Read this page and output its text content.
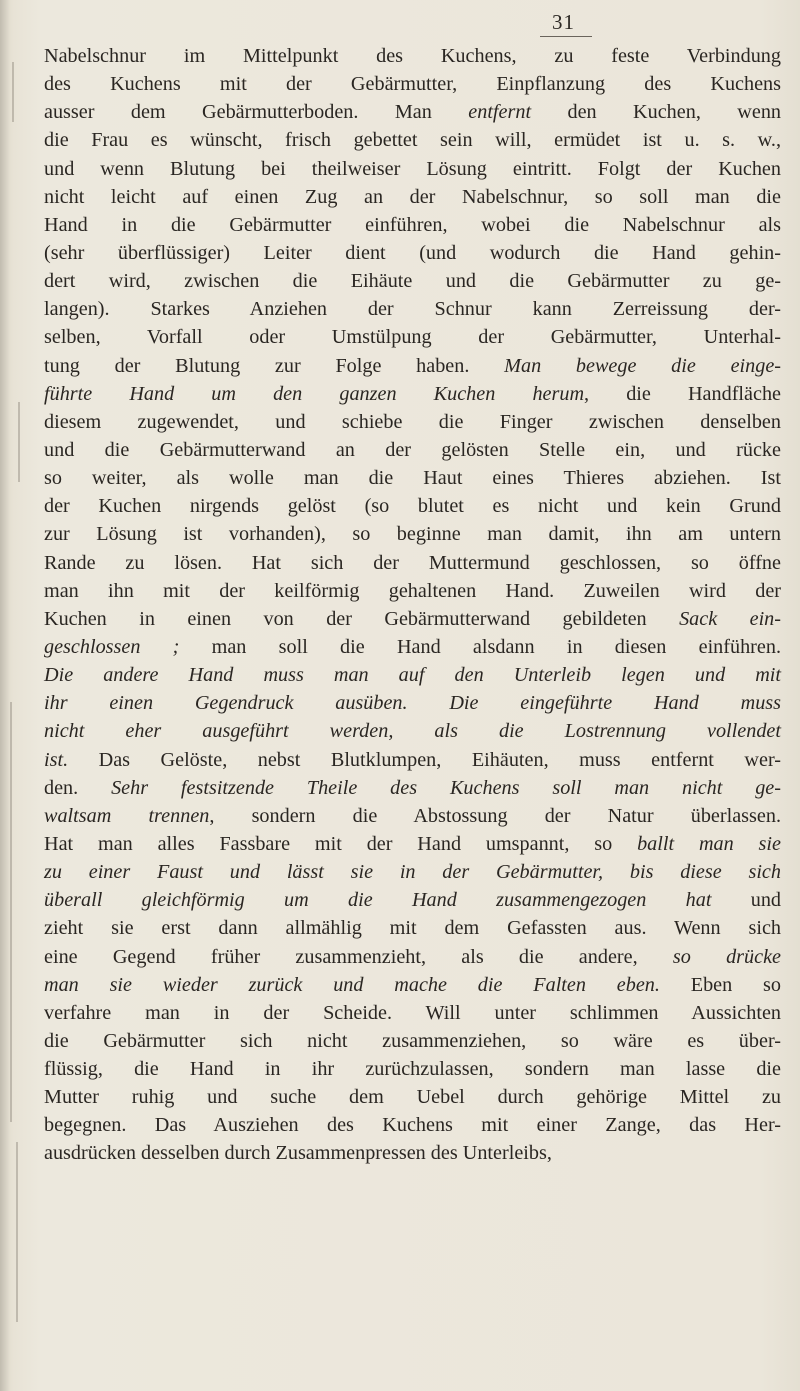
31
Nabelschnur im Mittelpunkt des Kuchens, zu feste Verbindung
des Kuchens mit der Gebärmutter, Einpflanzung des Kuchens
ausser dem Gebärmutterboden. Man entfernt den Kuchen, wenn
die Frau es wünscht, frisch gebettet sein will, ermüdet ist u. s. w.,
und wenn Blutung bei theilweiser Lösung eintritt. Folgt der Kuchen
nicht leicht auf einen Zug an der Nabelschnur, so soll man die
Hand in die Gebärmutter einführen, wobei die Nabelschnur als
(sehr überflüssiger) Leiter dient (und wodurch die Hand gehin-
dert wird, zwischen die Eihäute und die Gebärmutter zu ge-
langen). Starkes Anziehen der Schnur kann Zerreissung der-
selben, Vorfall oder Umstülpung der Gebärmutter, Unterhal-
tung der Blutung zur Folge haben. Man bewege die einge-
führte Hand um den ganzen Kuchen herum, die Handfläche
diesem zugewendet, und schiebe die Finger zwischen denselben
und die Gebärmutterwand an der gelösten Stelle ein, und rücke
so weiter, als wolle man die Haut eines Thieres abziehen. Ist
der Kuchen nirgends gelöst (so blutet es nicht und kein Grund
zur Lösung ist vorhanden), so beginne man damit, ihn am untern
Rande zu lösen. Hat sich der Muttermund geschlossen, so öffne
man ihn mit der keilförmig gehaltenen Hand. Zuweilen wird der
Kuchen in einen von der Gebärmutterwand gebildeten Sack ein-
geschlossen ; man soll die Hand alsdann in diesen einführen.
Die andere Hand muss man auf den Unterleib legen und mit
ihr einen Gegendruck ausüben. Die eingeführte Hand muss
nicht eher ausgeführt werden, als die Lostrennung vollendet
ist. Das Gelöste, nebst Blutklumpen, Eihäuten, muss entfernt wer-
den. Sehr festsitzende Theile des Kuchens soll man nicht ge-
waltsam trennen, sondern die Abstossung der Natur überlassen.
Hat man alles Fassbare mit der Hand umspannt, so ballt man sie
zu einer Faust und lässt sie in der Gebärmutter, bis diese sich
überall gleichförmig um die Hand zusammengezogen hat und
zieht sie erst dann allmählig mit dem Gefassten aus. Wenn sich
eine Gegend früher zusammenzieht, als die andere, so drücke
man sie wieder zurück und mache die Falten eben. Eben so
verfahre man in der Scheide. Will unter schlimmen Aussichten
die Gebärmutter sich nicht zusammenziehen, so wäre es über-
flüssig, die Hand in ihr zurüchzulassen, sondern man lasse die
Mutter ruhig und suche dem Uebel durch gehörige Mittel zu
begegnen. Das Ausziehen des Kuchens mit einer Zange, das Her-
ausdrücken desselben durch Zusammenpressen des Unterleibs,
